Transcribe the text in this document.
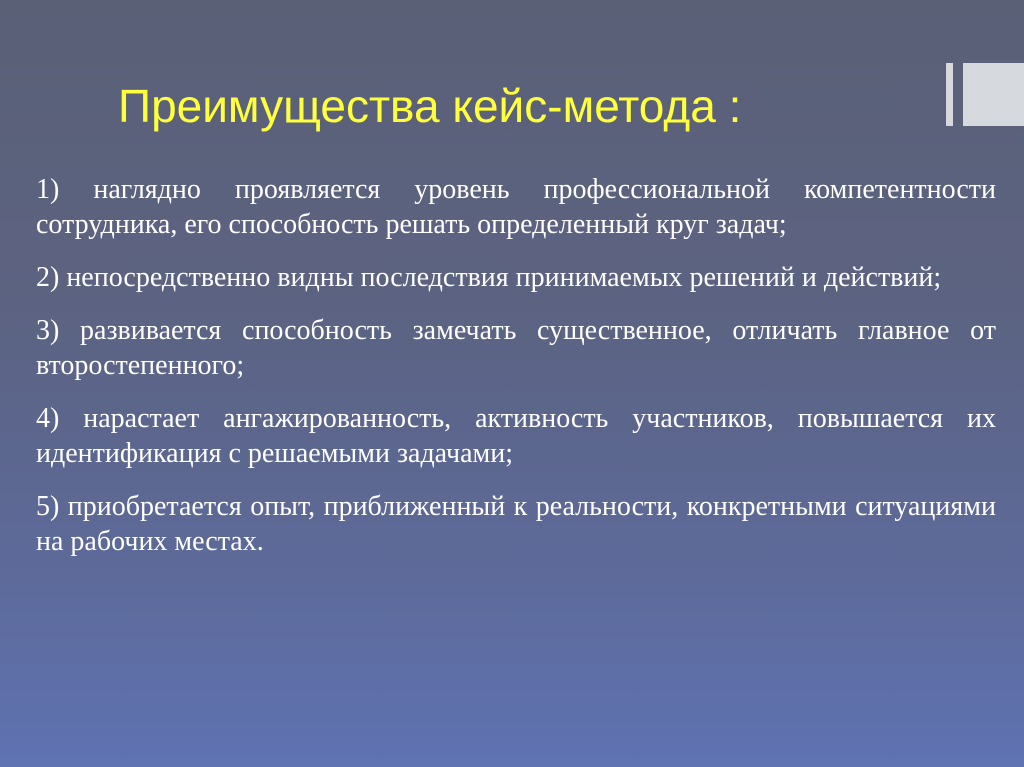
Преимущества кейс-метода :
1) наглядно проявляется уровень профессиональной компетентности сотрудника, его способность решать определенный круг задач;
2) непосредственно видны последствия принимаемых решений и действий;
3) развивается способность замечать существенное, отличать главное от второстепенного;
4) нарастает ангажированность, активность участников, повышается их идентификация с решаемыми задачами;
5) приобретается опыт, приближенный к реальности, конкретными ситуациями на рабочих местах.
